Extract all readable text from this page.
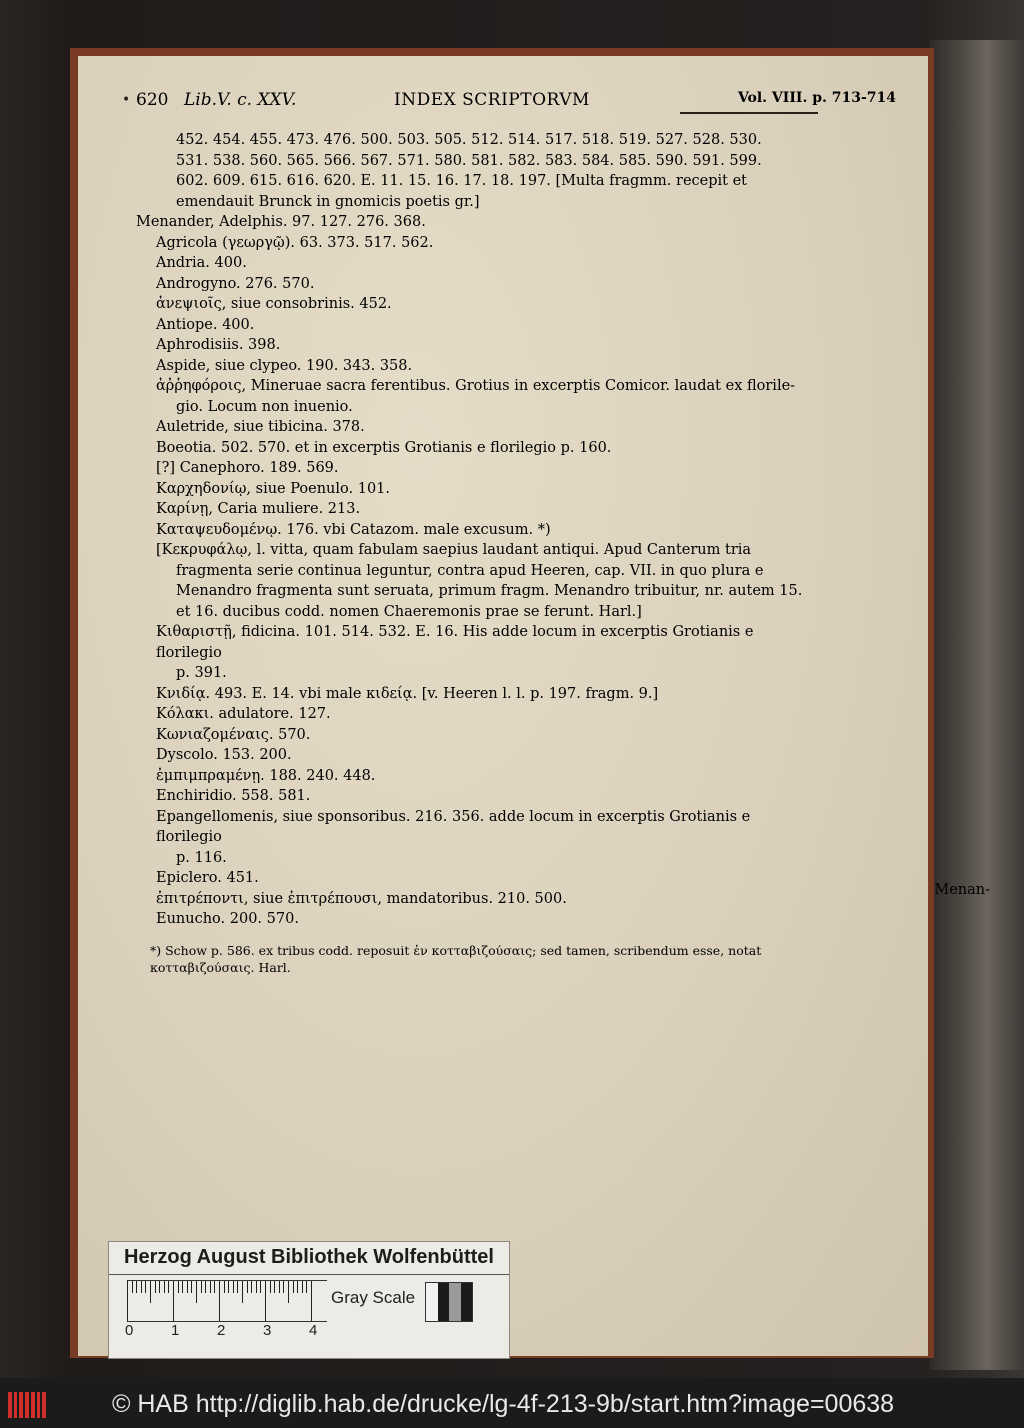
• 620 Lib.V. c. XXV.	INDEX SCRIPTORVM	Vol. VIII. p. 713-714
452. 454. 455. 473. 476. 500. 503. 505. 512. 514. 517. 518. 519. 527. 528. 530.
531. 538. 560. 565. 566. 567. 571. 580. 581. 582. 583. 584. 585. 590. 591. 599.
602. 609. 615. 616. 620. E. 11. 15. 16. 17. 18. 197. [Multa fragmm. recepit et
emendauit Brunck in gnomicis poetis gr.]
Menander, Adelphis. 97. 127. 276. 368.
Agricola (γεωργῷ). 63. 373. 517. 562.
Andria. 400.
Androgyno. 276. 570.
ἀνεψιοῖς, siue consobrinis. 452.
Antiope. 400.
Aphrodisiis. 398.
Aspide, siue clypeo. 190. 343. 358.
ἀῤῥηφόροις, Mineruae sacra ferentibus. Grotius in excerptis Comicor. laudat ex florile-
gio. Locum non inuenio.
Auletride, siue tibicina. 378.
Boeotia. 502. 570. et in excerptis Grotianis e florilegio p. 160.
[?] Canephoro. 189. 569.
Καρχηδονίῳ, siue Poenulo. 101.
Καρίνῃ, Caria muliere. 213.
Καταψευδομένῳ. 176. vbi Catazom. male excusum. *)
[Κεκρυφάλῳ, l. vitta, quam fabulam saepius laudant antiqui. Apud Canterum tria
fragmenta serie continua leguntur, contra apud Heeren, cap. VII. in quo plura e
Menandro fragmenta sunt seruata, primum fragm. Menandro tribuitur, nr. autem 15.
et 16. ducibus codd. nomen Chaeremonis prae se ferunt. Harl.]
Κιθαριστῇ, fidicina. 101. 514. 532. E. 16. His adde locum in excerptis Grotianis e florilegio
p. 391.
Κνιδίᾳ. 493. E. 14. vbi male κιδείᾳ. [v. Heeren l. l. p. 197. fragm. 9.]
Κόλακι. adulatore. 127.
Κωνιαζομέναις. 570.
Dyscolo. 153. 200.
ἐμπιμπραμένῃ. 188. 240. 448.
Enchiridio. 558. 581.
Epangellomenis, siue sponsoribus. 216. 356. adde locum in excerptis Grotianis e florilegio
p. 116.
Epiclero. 451.
ἐπιτρέποντι, siue ἐπιτρέπουσι, mandatoribus. 210. 500.
Eunucho. 200. 570.
Menan-
*) Schow p. 586. ex tribus codd. reposuit ἐν κοτταβιζούσαις; sed tamen, scribendum esse, notat
κοτταβιζούσαις. Harl.
Herzog August Bibliothek Wolfenbüttel
0	1	2	3	4
Gray Scale
© HAB http://diglib.hab.de/drucke/lg-4f-213-9b/start.htm?image=00638
